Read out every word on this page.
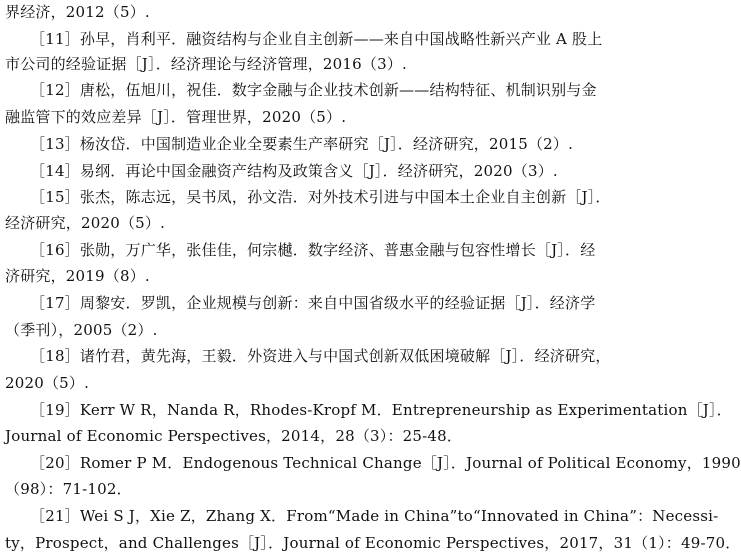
界经济，2012（5）.
［11］孙早，肖利平．融资结构与企业自主创新——来自中国战略性新兴产业 A 股上
市公司的经验证据［J］．经济理论与经济管理，2016（3）.
［12］唐松，伍旭川，祝佳．数字金融与企业技术创新——结构特征、机制识别与金
融监管下的效应差异［J］．管理世界，2020（5）.
［13］杨汝岱．中国制造业企业全要素生产率研究［J］．经济研究，2015（2）.
［14］易纲．再论中国金融资产结构及政策含义［J］．经济研究，2020（3）.
［15］张杰，陈志远，吴书凤，孙文浩．对外技术引进与中国本土企业自主创新［J］．
经济研究，2020（5）.
［16］张勋，万广华，张佳佳，何宗樾．数字经济、普惠金融与包容性增长［J］．经
济研究，2019（8）.
［17］周黎安．罗凯，企业规模与创新：来自中国省级水平的经验证据［J］．经济学
（季刊），2005（2）.
［18］诸竹君，黄先海，王毅．外资进入与中国式创新双低困境破解［J］．经济研究，
2020（5）.
［19］Kerr W R，Nanda R，Rhodes-Kropf M．Entrepreneurship as Experimentation［J］．
Journal of Economic Perspectives，2014，28（3）：25-48．
［20］Romer P M．Endogenous Technical Change［J］．Journal of Political Economy，1990
（98）：71-102．
［21］Wei S J，Xie Z，Zhang X．From“Made in China”to“Innovated in China”：Necessi-
ty，Prospect，and Challenges［J］．Journal of Economic Perspectives，2017，31（1）：49-70．
